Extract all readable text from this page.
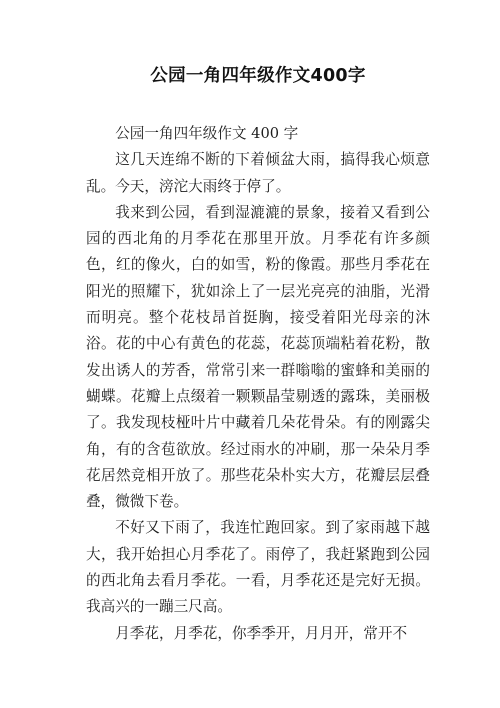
公园一角四年级作文400字

公园一角四年级作文 400 字

这几天连绵不断的下着倾盆大雨，搞得我心烦意乱。今天，滂沱大雨终于停了。

我来到公园，看到湿漉漉的景象，接着又看到公园的西北角的月季花在那里开放。月季花有许多颜色，红的像火，白的如雪，粉的像霞。那些月季花在阳光的照耀下，犹如涂上了一层光亮亮的油脂，光滑而明亮。整个花枝昂首挺胸，接受着阳光母亲的沐浴。花的中心有黄色的花蕊，花蕊顶端粘着花粉，散发出诱人的芳香，常常引来一群嗡嗡的蜜蜂和美丽的蝴蝶。花瓣上点缀着一颗颗晶莹剔透的露珠，美丽极了。我发现枝桠叶片中藏着几朵花骨朵。有的刚露尖角，有的含苞欲放。经过雨水的冲刷，那一朵朵月季花居然竞相开放了。那些花朵朴实大方，花瓣层层叠叠，微微下卷。

不好又下雨了，我连忙跑回家。到了家雨越下越大，我开始担心月季花了。雨停了，我赶紧跑到公园的西北角去看月季花。一看，月季花还是完好无损。我高兴的一蹦三尺高。

月季花，月季花，你季季开，月月开，常开不
